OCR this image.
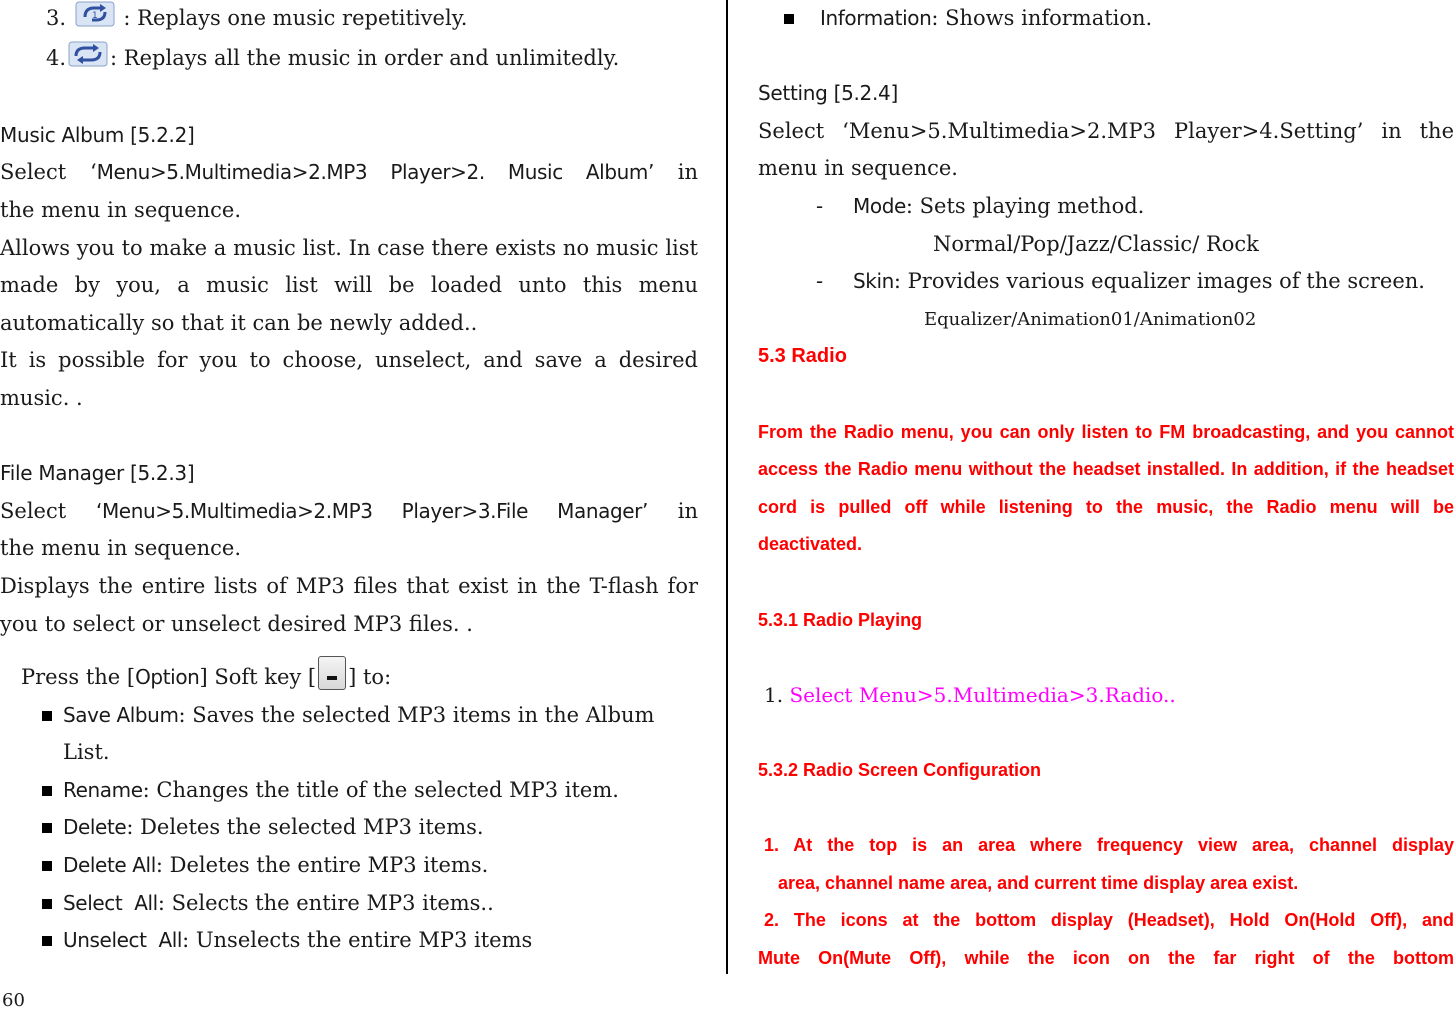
3.	1 : Replays one music repetitively.

4. : Replays all the music in order and unlimitedly.

Music Album [5.2.2]

Select ‘Menu>5.Multimedia>2.MP3 Player>2. Music Album’ in

the menu in sequence.

Allows you to make a music list. In case there exists no music list made by you, a music list will be loaded unto this menu automatically so that it can be newly added..

It is possible for you to choose, unselect, and save a desired music. .

File Manager [5.2.3]

Select ‘Menu>5.Multimedia>2.MP3 Player>3.File Manager’ in

the menu in sequence.

Displays the entire lists of MP3 files that exist in the T-flash for you to select or unselect desired MP3 files. .

Press the [Option] Soft key [ ] to:

Save Album: Saves the selected MP3 items in the Album List.
Rename: Changes the title of the selected MP3 item.
Delete: Deletes the selected MP3 items.
Delete All: Deletes the entire MP3 items.
Select  All: Selects the entire MP3 items..
Unselect  All: Unselects the entire MP3 items
Information: Shows information.

Setting [5.2.4]

Select ‘Menu>5.Multimedia>2.MP3 Player>4.Setting’ in the

menu in sequence.

- Mode: Sets playing method.

Normal/Pop/Jazz/Classic/ Rock

- Skin: Provides various equalizer images of the screen.

Equalizer/Animation01/Animation02

5.3 Radio

From the Radio menu, you can only listen to FM broadcasting, and you cannot access the Radio menu without the headset installed. In addition, if the headset cord is pulled off while listening to the music, the Radio menu will be deactivated.

5.3.1 Radio Playing

1. Select Menu>5.Multimedia>3.Radio..

5.3.2 Radio Screen Configuration

1. At the top is an area where frequency view area, channel display

area, channel name area, and current time display area exist.

2. The icons at the bottom display (Headset), Hold On(Hold Off), and

Mute On(Mute Off), while the icon on the far right of the bottom

60
